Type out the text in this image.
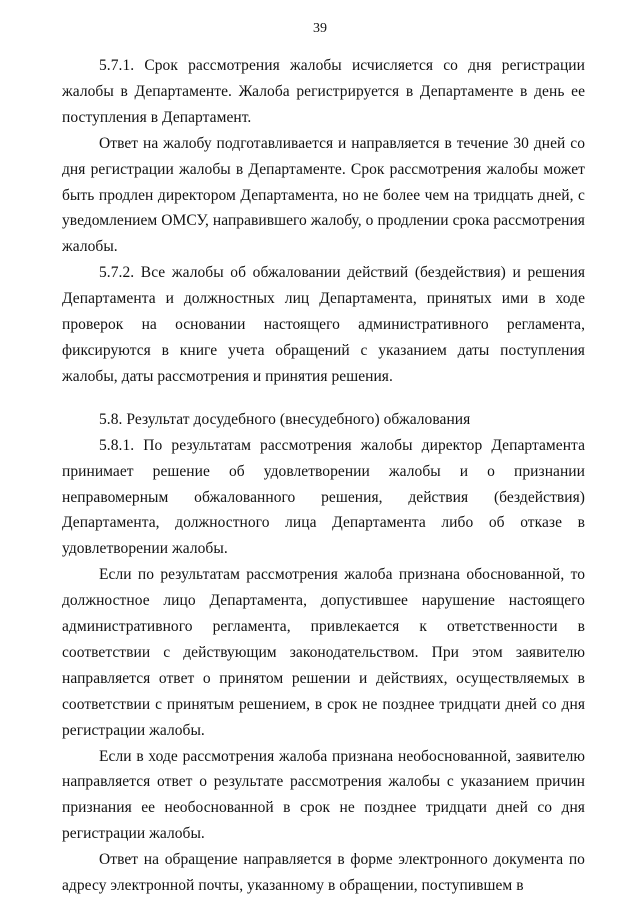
39

5.7.1. Срок рассмотрения жалобы исчисляется со дня регистрации жалобы в Департаменте. Жалоба регистрируется в Департаменте в день ее поступления в Департамент.

Ответ на жалобу подготавливается и направляется в течение 30 дней со дня регистрации жалобы в Департаменте. Срок рассмотрения жалобы может быть продлен директором Департамента, но не более чем на тридцать дней, с уведомлением ОМСУ, направившего жалобу, о продлении срока рассмотрения жалобы.

5.7.2. Все жалобы об обжаловании действий (бездействия) и решения Департамента и должностных лиц Департамента, принятых ими в ходе проверок на основании настоящего административного регламента, фиксируются в книге учета обращений с указанием даты поступления жалобы, даты рассмотрения и принятия решения.

5.8. Результат досудебного (внесудебного) обжалования

5.8.1. По результатам рассмотрения жалобы директор Департамента принимает решение об удовлетворении жалобы и о признании неправомерным обжалованного решения, действия (бездействия) Департамента, должностного лица Департамента либо об отказе в удовлетворении жалобы.

Если по результатам рассмотрения жалоба признана обоснованной, то должностное лицо Департамента, допустившее нарушение настоящего административного регламента, привлекается к ответственности в соответствии с действующим законодательством. При этом заявителю направляется ответ о принятом решении и действиях, осуществляемых в соответствии с принятым решением, в срок не позднее тридцати дней со дня регистрации жалобы.

Если в ходе рассмотрения жалоба признана необоснованной, заявителю направляется ответ о результате рассмотрения жалобы с указанием причин признания ее необоснованной в срок не позднее тридцати дней со дня регистрации жалобы.

Ответ на обращение направляется в форме электронного документа по адресу электронной почты, указанному в обращении, поступившем в
